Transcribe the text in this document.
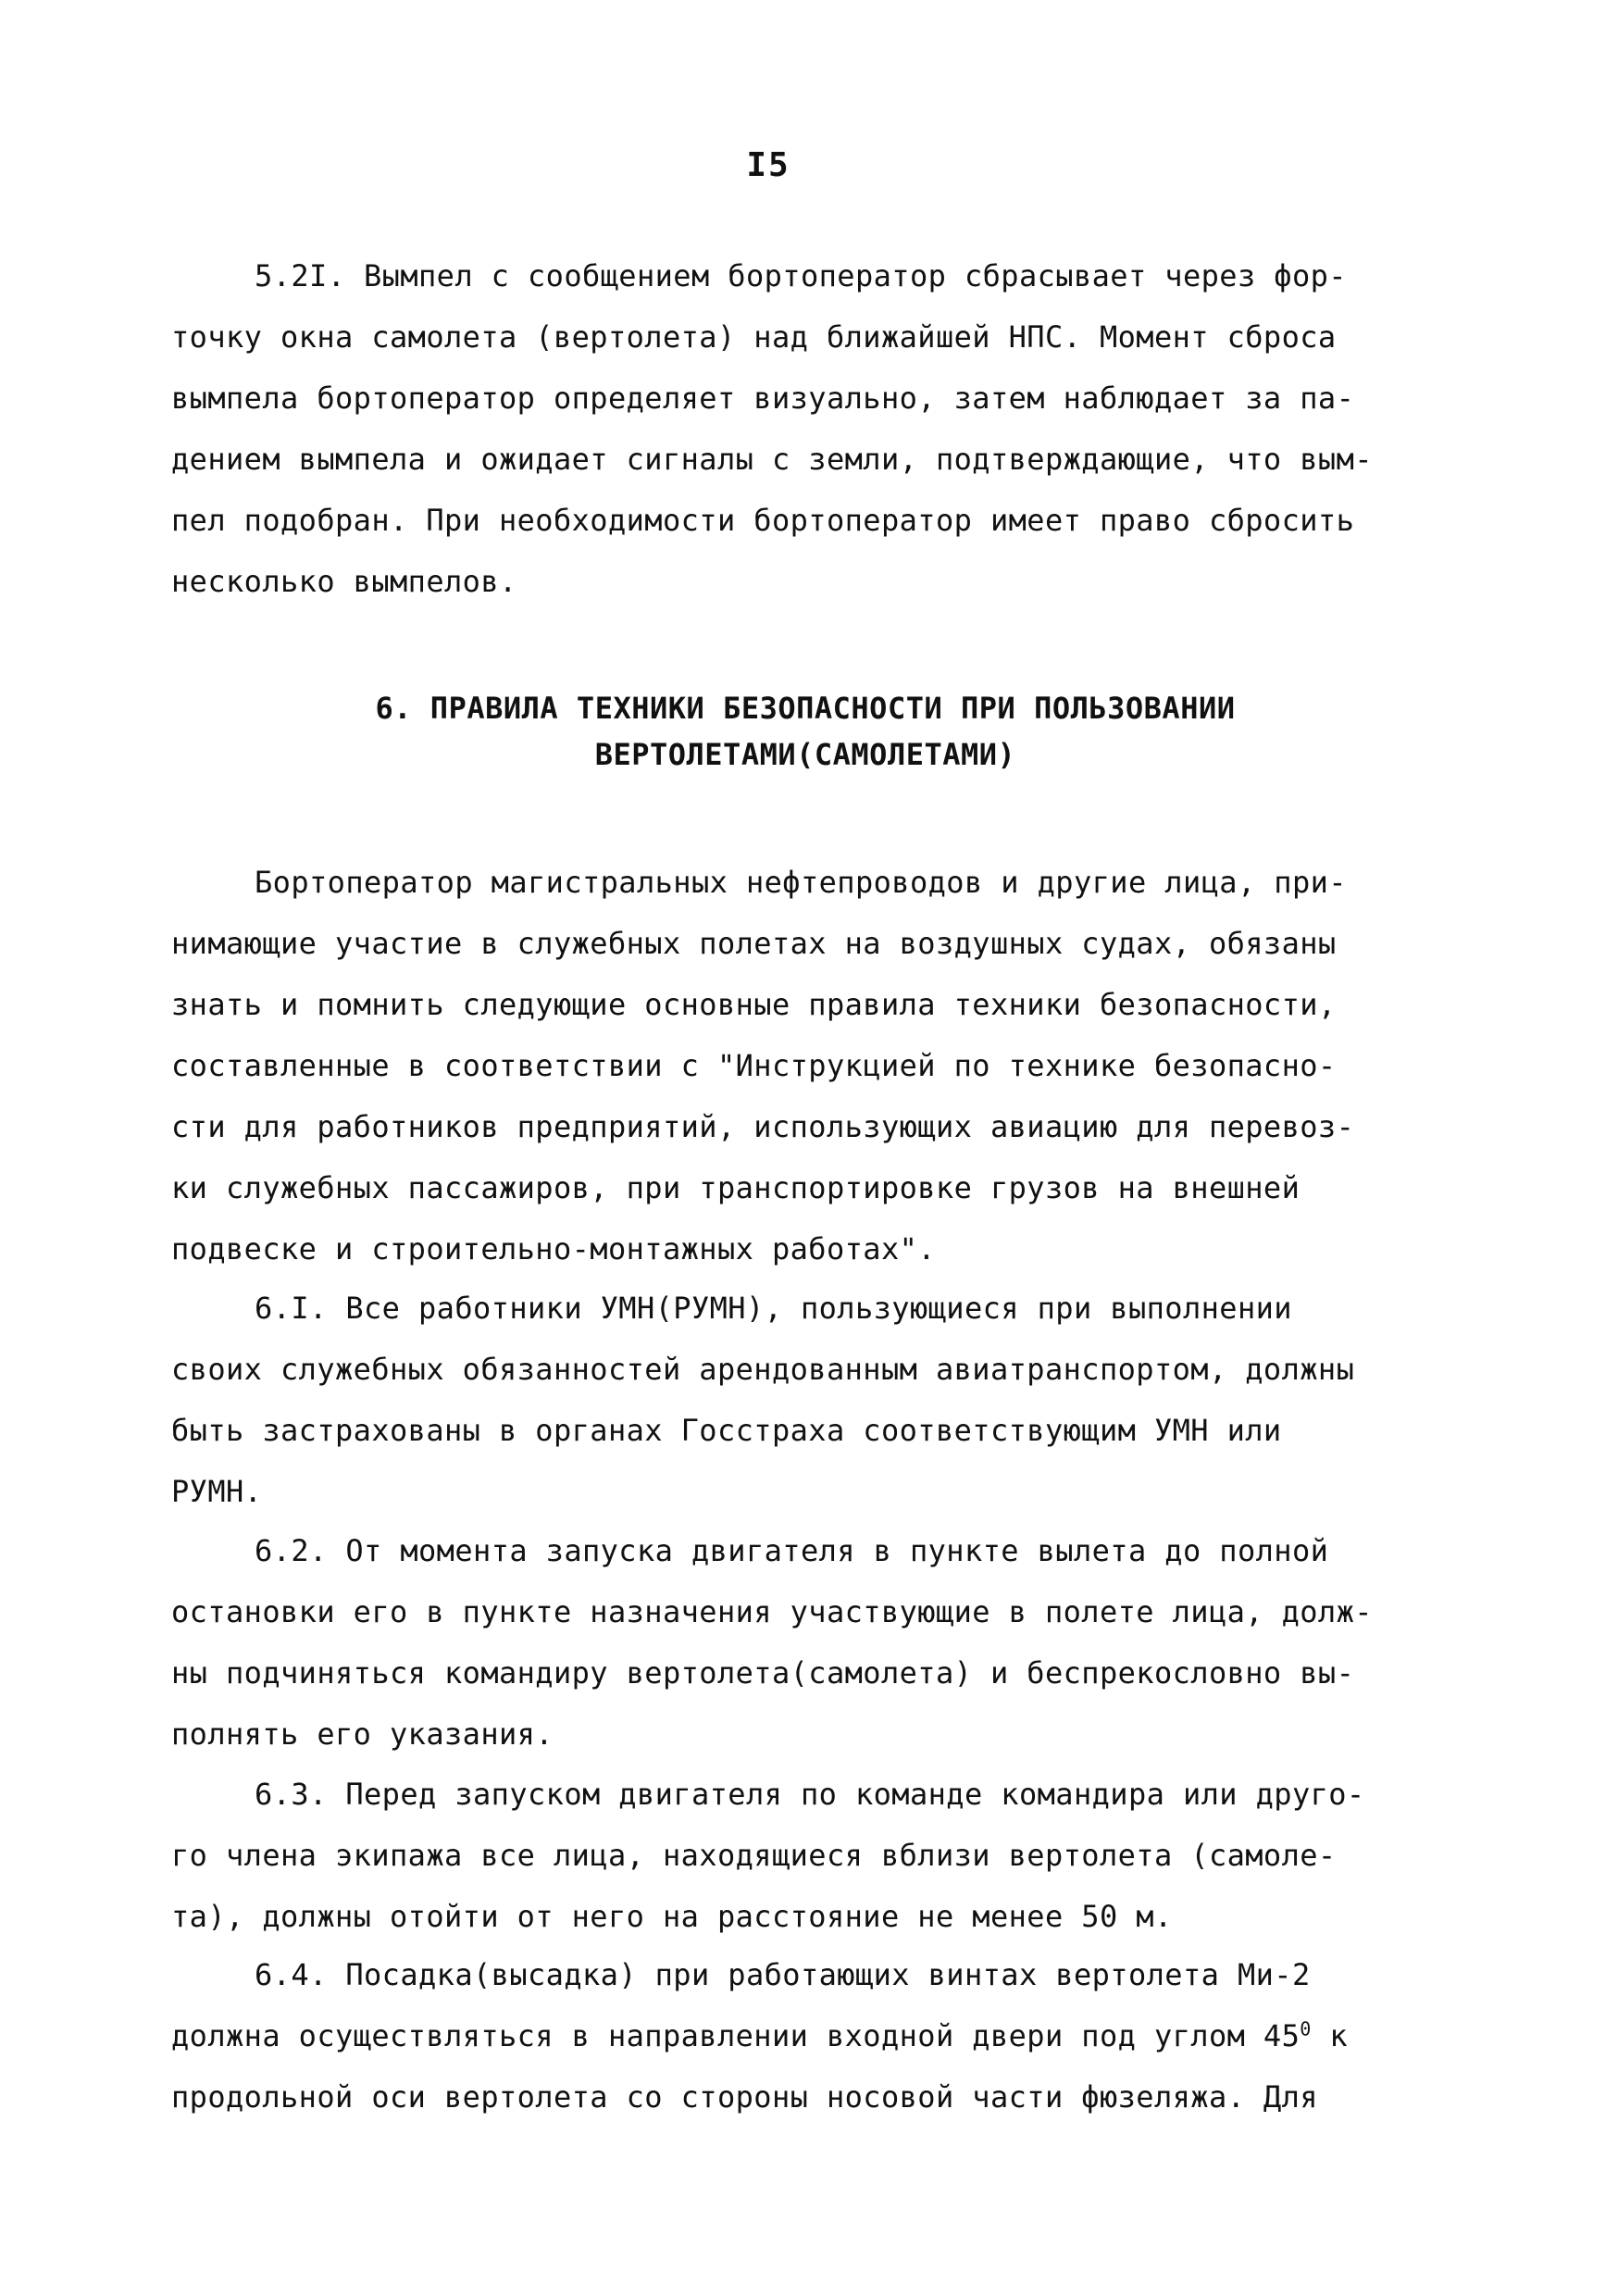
I5
5.2I. Вымпел с сообщением бортоператор сбрасывает через фор-
точку окна самолета (вертолета) над ближайшей НПС. Момент сброса
вымпела бортоператор определяет визуально, затем наблюдает за па-
дением вымпела и ожидает сигналы с земли, подтверждающие, что вым-
пел подобран. При необходимости бортоператор имеет право сбросить
несколько вымпелов.
6. ПРАВИЛА ТЕХНИКИ БЕЗОПАСНОСТИ ПРИ ПОЛЬЗОВАНИИ
ВЕРТОЛЕТАМИ(САМОЛЕТАМИ)
Бортоператор магистральных нефтепроводов и другие лица, при-
нимающие участие в служебных полетах на воздушных судах, обязаны
знать и помнить следующие основные правила техники безопасности,
составленные в соответствии с "Инструкцией по технике безопасно-
сти для работников предприятий, использующих авиацию для перевоз-
ки служебных пассажиров, при транспортировке грузов на внешней
подвеске и строительно-монтажных работах".
6.I. Все работники УМН(РУМН), пользующиеся при выполнении
своих служебных обязанностей арендованным авиатранспортом, должны
быть застрахованы в органах Госстраха соответствующим УМН или
РУМН.
6.2. От момента запуска двигателя в пункте вылета до полной
остановки его в пункте назначения участвующие в полете лица, долж-
ны подчиняться командиру вертолета(самолета) и беспрекословно вы-
полнять его указания.
6.3. Перед запуском двигателя по команде командира или друго-
го члена экипажа все лица, находящиеся вблизи вертолета (самоле-
та), должны отойти от него на расстояние не менее 50 м.
6.4. Посадка(высадка) при работающих винтах вертолета Ми-2
должна осуществляться в направлении входной двери под углом $45^0$ к
продольной оси вертолета со стороны носовой части фюзеляжа. Для
